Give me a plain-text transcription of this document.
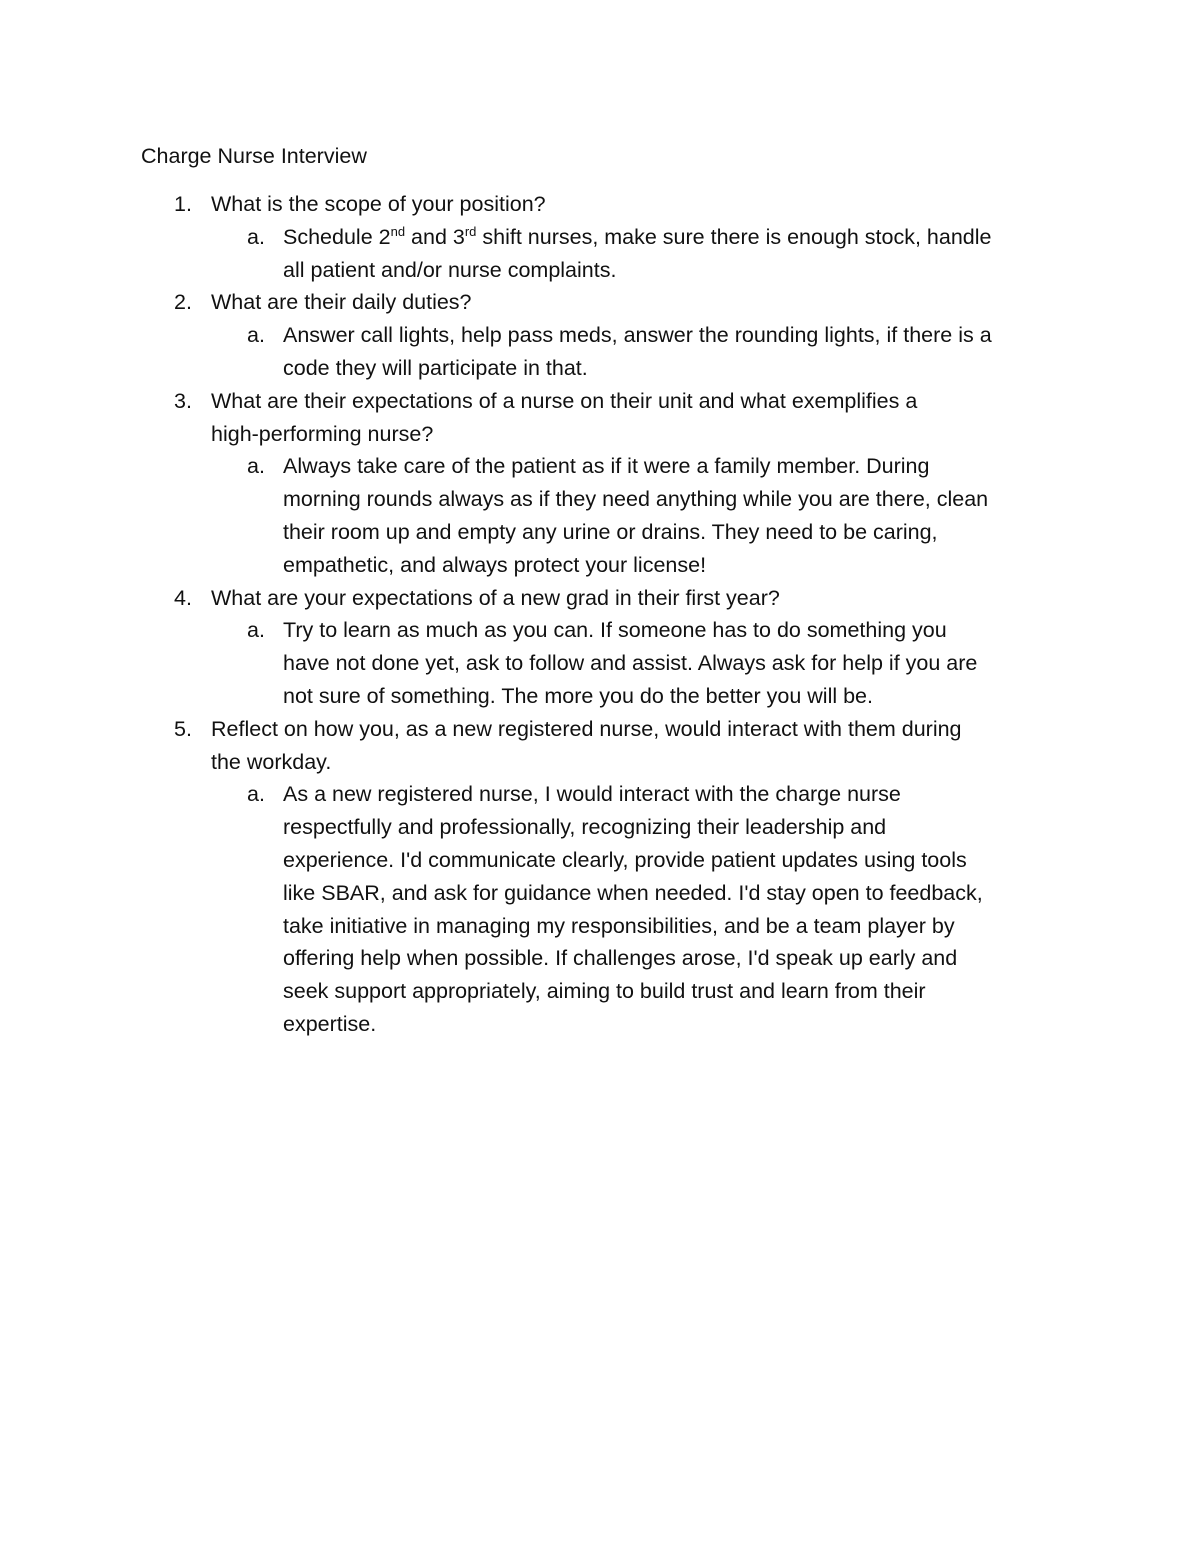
Charge Nurse Interview
1. What is the scope of your position?
a. Schedule 2nd and 3rd shift nurses, make sure there is enough stock, handle
all patient and/or nurse complaints.
2. What are their daily duties?
a. Answer call lights, help pass meds, answer the rounding lights, if there is a
code they will participate in that.
3. What are their expectations of a nurse on their unit and what exemplifies a
high-performing nurse?
a. Always take care of the patient as if it were a family member. During
morning rounds always as if they need anything while you are there, clean
their room up and empty any urine or drains. They need to be caring,
empathetic, and always protect your license!
4. What are your expectations of a new grad in their first year?
a. Try to learn as much as you can. If someone has to do something you
have not done yet, ask to follow and assist. Always ask for help if you are
not sure of something. The more you do the better you will be.
5. Reflect on how you, as a new registered nurse, would interact with them during
the workday.
a. As a new registered nurse, I would interact with the charge nurse
respectfully and professionally, recognizing their leadership and
experience. I'd communicate clearly, provide patient updates using tools
like SBAR, and ask for guidance when needed. I'd stay open to feedback,
take initiative in managing my responsibilities, and be a team player by
offering help when possible. If challenges arose, I'd speak up early and
seek support appropriately, aiming to build trust and learn from their
expertise.
